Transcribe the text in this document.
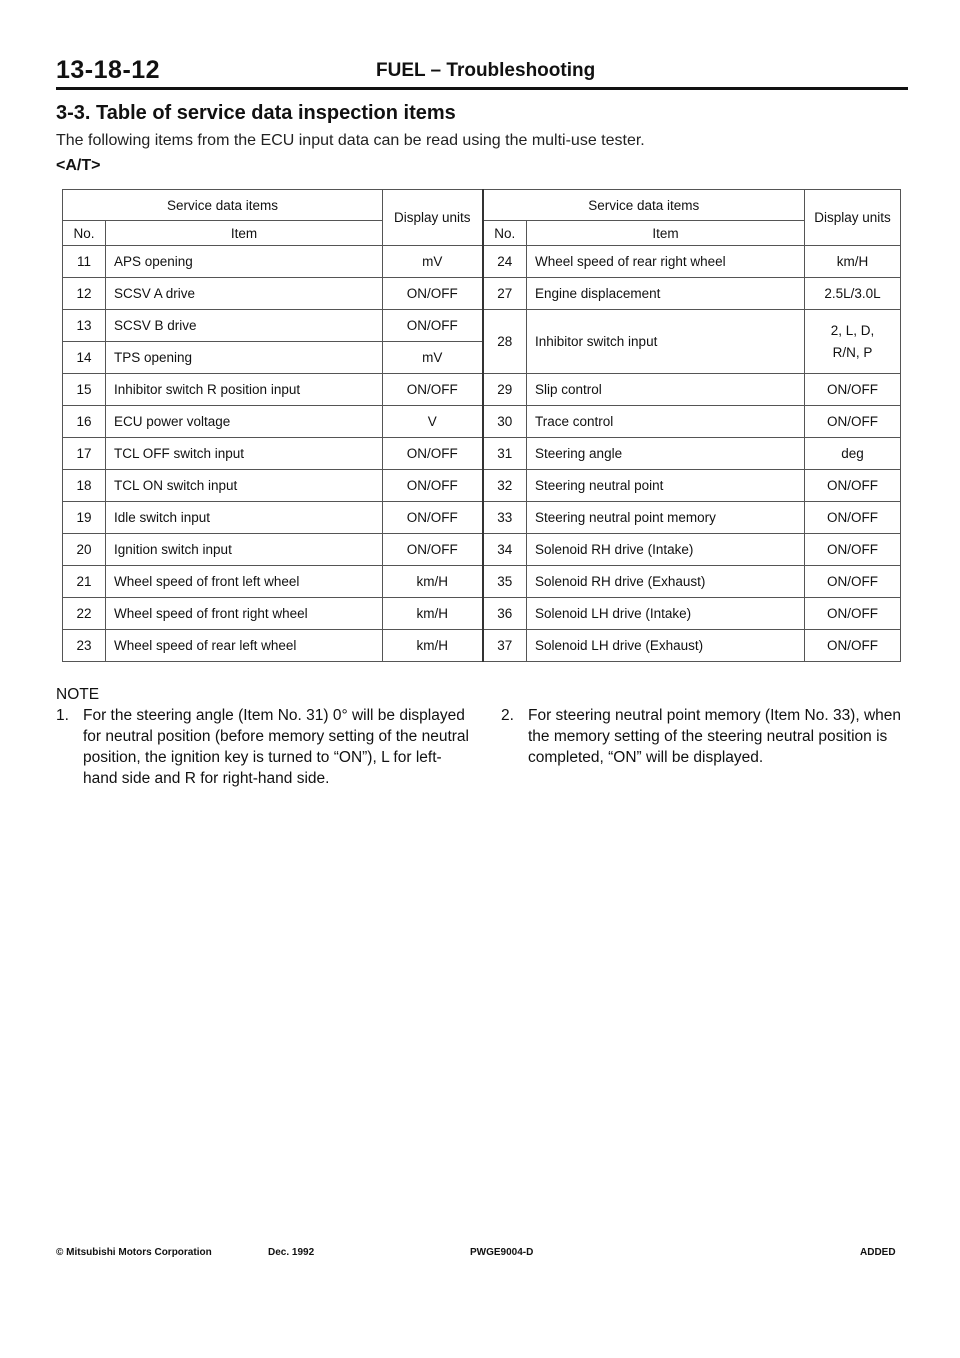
13-18-12	FUEL – Troubleshooting
3-3. Table of service data inspection items
The following items from the ECU input data can be read using the multi-use tester.
<A/T>
Service data items		Display units	Service data items		Display units
No.	Item		No.	Item	
11	APS opening	mV	24	Wheel speed of rear right wheel	km/H
12	SCSV A drive	ON/OFF	27	Engine displacement	2.5L/3.0L
13	SCSV B drive	ON/OFF	28	Inhibitor switch input	2, L, D, R/N, P
14	TPS opening	mV			
15	Inhibitor switch R position input	ON/OFF	29	Slip control	ON/OFF
16	ECU power voltage	V	30	Trace control	ON/OFF
17	TCL OFF switch input	ON/OFF	31	Steering angle	deg
18	TCL ON switch input	ON/OFF	32	Steering neutral point	ON/OFF
19	Idle switch input	ON/OFF	33	Steering neutral point memory	ON/OFF
20	Ignition switch input	ON/OFF	34	Solenoid RH drive (Intake)	ON/OFF
21	Wheel speed of front left wheel	km/H	35	Solenoid RH drive (Exhaust)	ON/OFF
22	Wheel speed of front right wheel	km/H	36	Solenoid LH drive (Intake)	ON/OFF
23	Wheel speed of rear left wheel	km/H	37	Solenoid LH drive (Exhaust)	ON/OFF
NOTE
1. For the steering angle (Item No. 31) 0° will be displayed for neutral position (before memory setting of the neutral position, the ignition key is turned to “ON”), L for left-hand side and R for right-hand side.
2. For steering neutral point memory (Item No. 33), when the memory setting of the steering neutral position is completed, “ON” will be displayed.
© Mitsubishi Motors Corporation	Dec. 1992	PWGE9004-D	ADDED
